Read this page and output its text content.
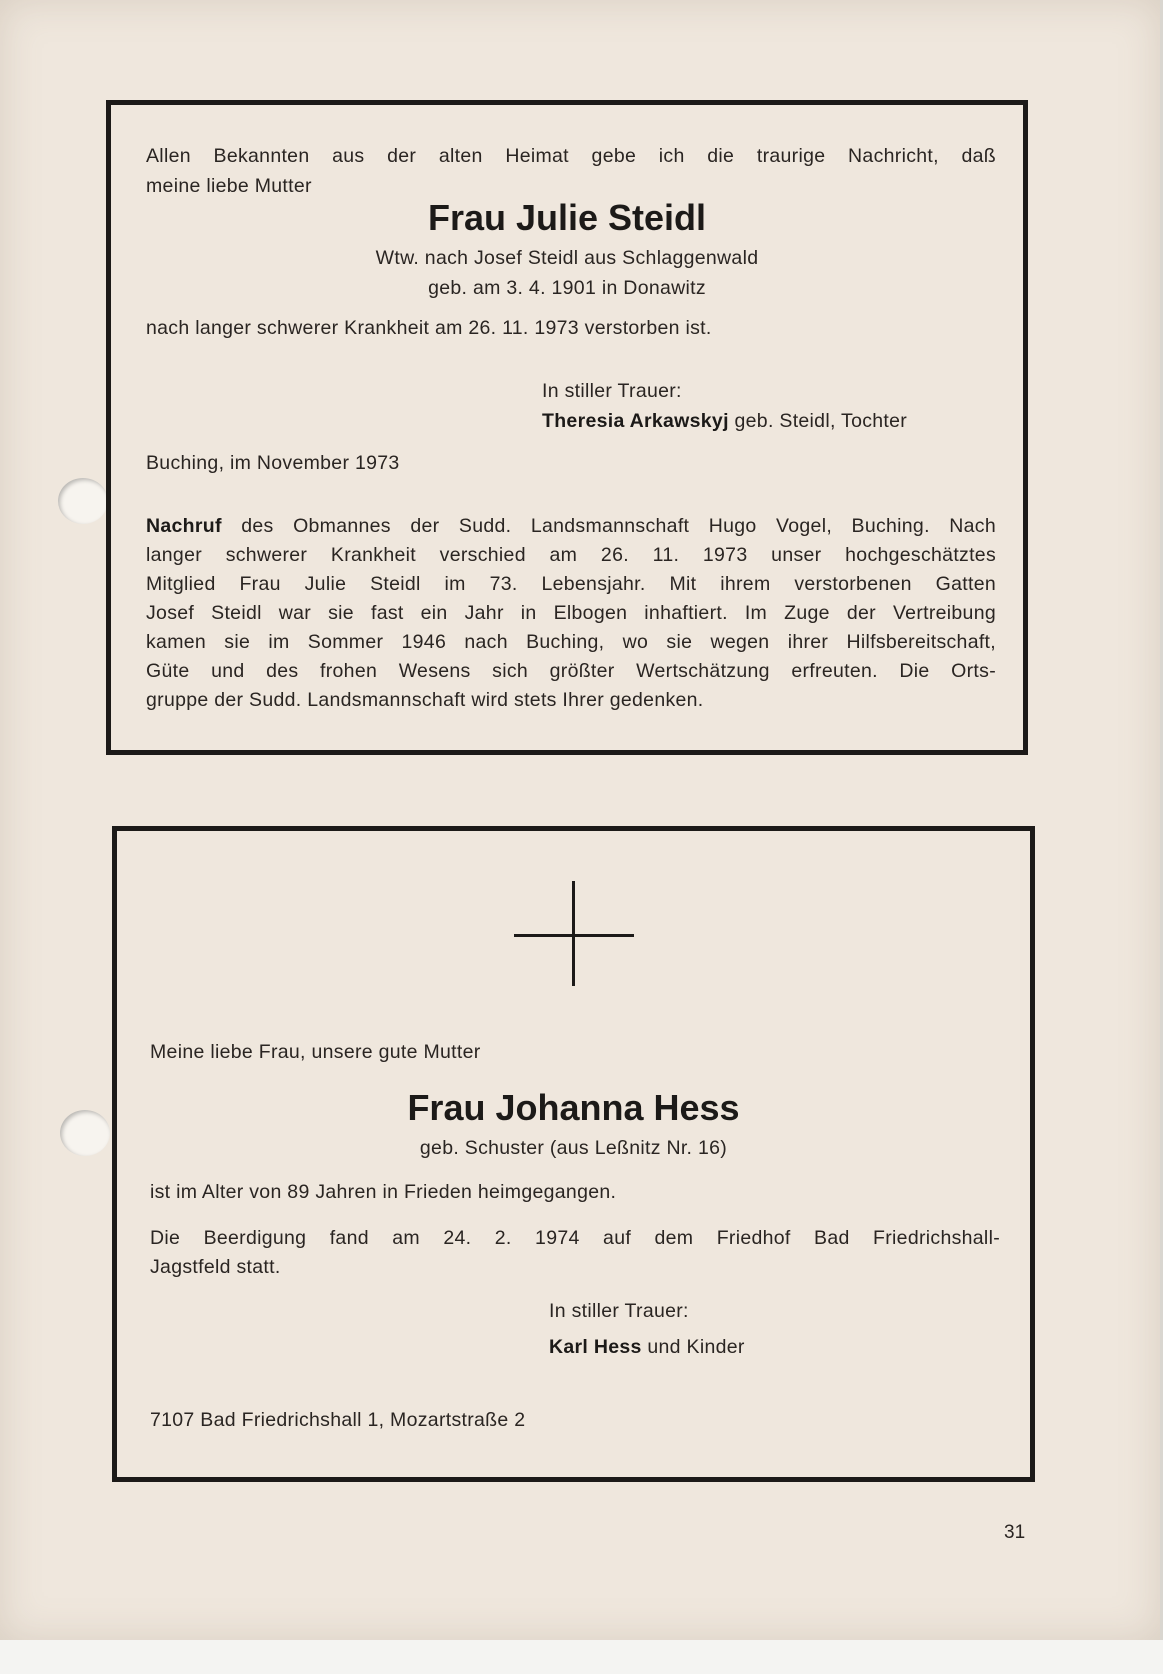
Allen Bekannten aus der alten Heimat gebe ich die traurige Nachricht, daß
meine liebe Mutter
Frau Julie Steidl
Wtw. nach Josef Steidl aus Schlaggenwald
geb. am 3. 4. 1901 in Donawitz
nach langer schwerer Krankheit am 26. 11. 1973 verstorben ist.
In stiller Trauer:
Theresia Arkawskyj geb. Steidl, Tochter
Buching, im November 1973
Nachruf des Obmannes der Sudd. Landsmannschaft Hugo Vogel, Buching. Nach
langer schwerer Krankheit verschied am 26. 11. 1973 unser hochgeschätztes
Mitglied Frau Julie Steidl im 73. Lebensjahr. Mit ihrem verstorbenen Gatten
Josef Steidl war sie fast ein Jahr in Elbogen inhaftiert. Im Zuge der Vertreibung
kamen sie im Sommer 1946 nach Buching, wo sie wegen ihrer Hilfsbereitschaft,
Güte und des frohen Wesens sich größter Wertschätzung erfreuten. Die Orts-
gruppe der Sudd. Landsmannschaft wird stets Ihrer gedenken.
Meine liebe Frau, unsere gute Mutter
Frau Johanna Hess
geb. Schuster (aus Leßnitz Nr. 16)
ist im Alter von 89 Jahren in Frieden heimgegangen.
Die Beerdigung fand am 24. 2. 1974 auf dem Friedhof Bad Friedrichshall-
Jagstfeld statt.
In stiller Trauer:
Karl Hess und Kinder
7107 Bad Friedrichshall 1, Mozartstraße 2
31
